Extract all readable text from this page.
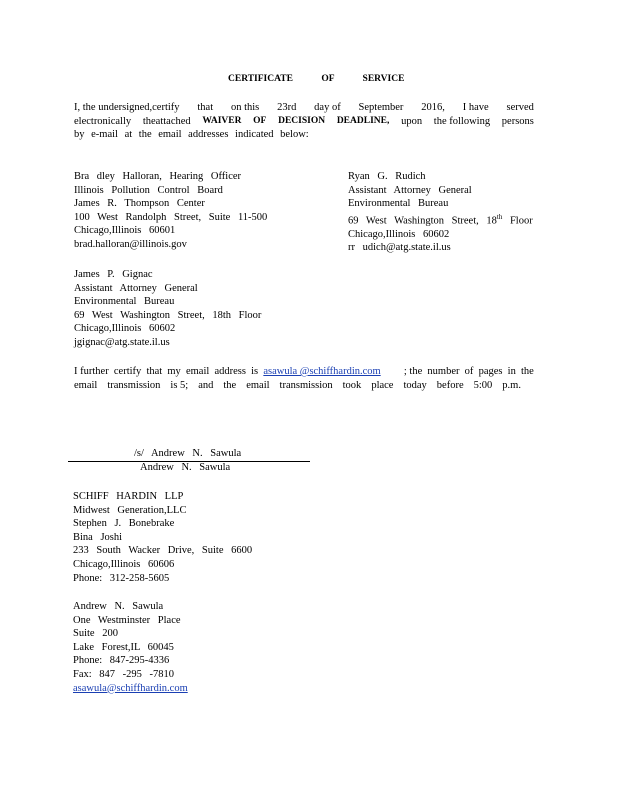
CERTIFICATE OF SERVICE
I, the undersigned,certify that on this 23rd day of September 2016, I have served
electronically theattached WAIVER OF DECISION DEADLINE, upon the following persons
by e-mail at the email addresses indicated below:
Bra dley Halloran, Hearing Officer
Illinois Pollution Control Board
James R. Thompson Center
100 West Randolph Street, Suite 11-500
Chicago,Illinois 60601
brad.halloran@illinois.gov
Ryan G. Rudich
Assistant Attorney General
Environmental Bureau
69 West Washington Street, 18th Floor
Chicago,Illinois 60602
rr udich@atg.state.il.us
James P. Gignac
Assistant Attorney General
Environmental Bureau
69 West Washington Street, 18th Floor
Chicago,Illinois 60602
jgignac@atg.state.il.us
I further certify that my email address is asawula @schiffhardin.com	; the number of pages in the
email transmission is 5; and the email transmission took place today before 5:00 p.m.
/s/ Andrew N. Sawula
Andrew N. Sawula
SCHIFF HARDIN LLP
Midwest Generation,LLC
Stephen J. Bonebrake
Bina Joshi
233 South Wacker Drive, Suite 6600
Chicago,Illinois 60606
Phone: 312-258-5605
Andrew N. Sawula
One Westminster Place
Suite 200
Lake Forest,IL 60045
Phone: 847-295-4336
Fax: 847 -295 -7810
asawula@schiffhardin.com
